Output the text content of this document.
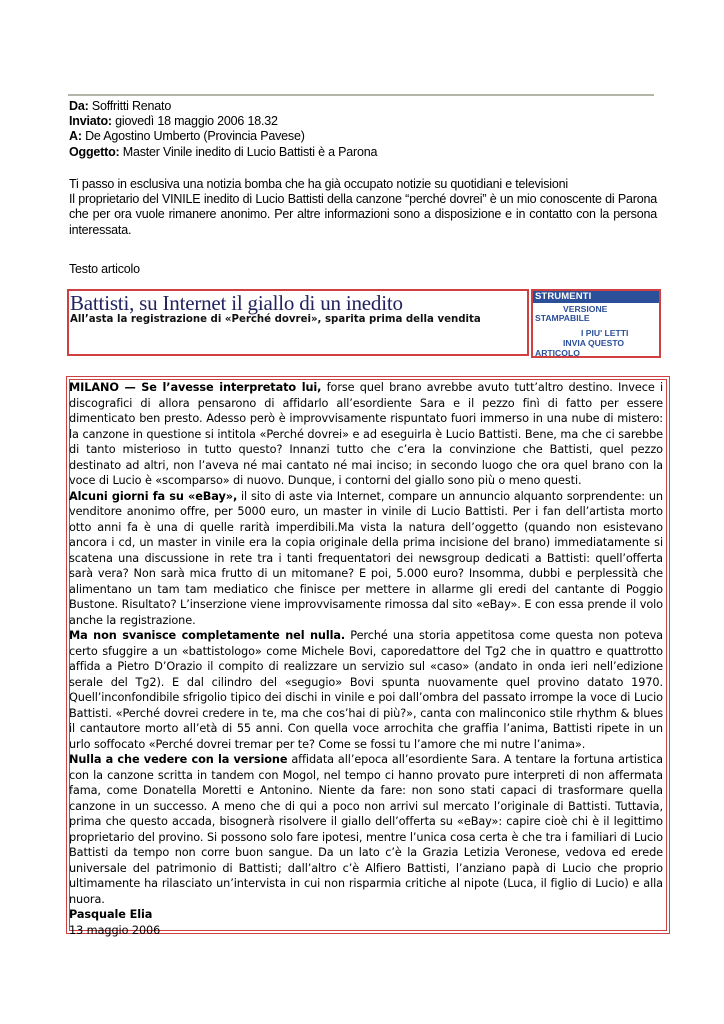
Da: Soffritti Renato
Inviato: giovedì 18 maggio 2006 18.32
A: De Agostino Umberto (Provincia Pavese)
Oggetto: Master Vinile inedito di Lucio Battisti è a Parona
Ti passo in esclusiva una notizia bomba che ha già occupato notizie su quotidiani e televisioni
Il proprietario del VINILE inedito di Lucio Battisti della canzone “perché dovrei” è un mio conoscente di Parona che per ora vuole rimanere anonimo. Per altre informazioni sono a disposizione e in contatto con la persona interessata.
Testo articolo
Battisti, su Internet il giallo di un inedito
All’asta la registrazione di «Perché dovrei», sparita prima della vendita
STRUMENTI
VERSIONE
STAMPABILE
I PIU' LETTI
INVIA QUESTO
ARTICOLO

MILANO — Se l’avesse interpretato lui, forse quel brano avrebbe avuto tutt’altro destino. Invece i discografici di allora pensarono di affidarlo all’esordiente Sara e il pezzo finì di fatto per essere dimenticato ben presto. Adesso però è improvvisamente rispuntato fuori immerso in una nube di mistero: la canzone in questione si intitola «Perché dovrei» e ad eseguirla è Lucio Battisti. Bene, ma che ci sarebbe di tanto misterioso in tutto questo? Innanzi tutto che c’era la convinzione che Battisti, quel pezzo destinato ad altri, non l’aveva né mai cantato né mai inciso; in secondo luogo che ora quel brano con la voce di Lucio è «scomparso» di nuovo. Dunque, i contorni del giallo sono più o meno questi.

Alcuni giorni fa su «eBay», il sito di aste via Internet, compare un annuncio alquanto sorprendente: un venditore anonimo offre, per 5000 euro, un master in vinile di Lucio Battisti. Per i fan dell’artista morto otto anni fa è una di quelle rarità imperdibili.Ma vista la natura dell’oggetto (quando non esistevano ancora i cd, un master in vinile era la copia originale della prima incisione del brano) immediatamente si scatena una discussione in rete tra i tanti frequentatori dei newsgroup dedicati a Battisti: quell’offerta sarà vera? Non sarà mica frutto di un mitomane? E poi, 5.000 euro? Insomma, dubbi e perplessità che alimentano un tam tam mediatico che finisce per mettere in allarme gli eredi del cantante di Poggio Bustone. Risultato? L’inserzione viene improvvisamente rimossa dal sito «eBay». E con essa prende il volo anche la registrazione.

Ma non svanisce completamente nel nulla. Perché una storia appetitosa come questa non poteva certo sfuggire a un «battistologo» come Michele Bovi, caporedattore del Tg2 che in quattro e quattrotto affida a Pietro D’Orazio il compito di realizzare un servizio sul «caso» (andato in onda ieri nell’edizione serale del Tg2). E dal cilindro del «segugio» Bovi spunta nuovamente quel provino datato 1970. Quell’inconfondibile sfrigolio tipico dei dischi in vinile e poi dall’ombra del passato irrompe la voce di Lucio Battisti. «Perché dovrei credere in te, ma che cos’hai di più?», canta con malinconico stile rhythm & blues il cantautore morto all’età di 55 anni. Con quella voce arrochita che graffia l’anima, Battisti ripete in un urlo soffocato «Perché dovrei tremar per te? Come se fossi tu l’amore che mi nutre l’anima».

Nulla a che vedere con la versione affidata all’epoca all’esordiente Sara. A tentare la fortuna artistica con la canzone scritta in tandem con Mogol, nel tempo ci hanno provato pure interpreti di non affermata fama, come Donatella Moretti e Antonino. Niente da fare: non sono stati capaci di trasformare quella canzone in un successo. A meno che di qui a poco non arrivi sul mercato l’originale di Battisti. Tuttavia, prima che questo accada, bisognerà risolvere il giallo dell’offerta su «eBay»: capire cioè chi è il legittimo proprietario del provino. Si possono solo fare ipotesi, mentre l’unica cosa certa è che tra i familiari di Lucio Battisti da tempo non corre buon sangue. Da un lato c’è la Grazia Letizia Veronese, vedova ed erede universale del patrimonio di Battisti; dall’altro c’è Alfiero Battisti, l’anziano papà di Lucio che proprio ultimamente ha rilasciato un’intervista in cui non risparmia critiche al nipote (Luca, il figlio di Lucio) e alla nuora.

Pasquale Elia
13 maggio 2006
